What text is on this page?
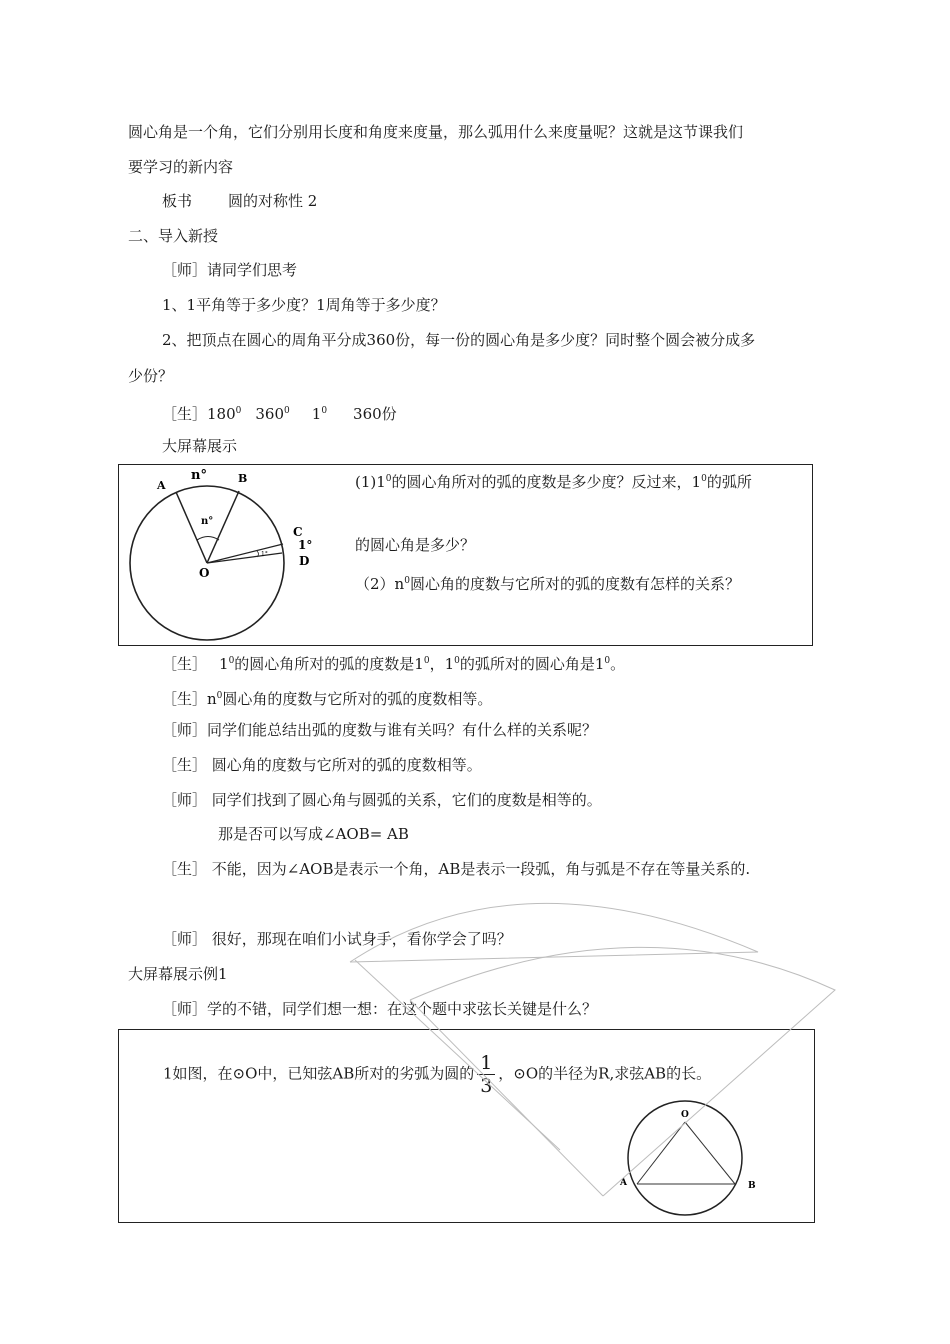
圆心角是一个角，它们分别用长度和角度来度量，那么弧用什么来度量呢？这就是这节课我们
要学习的新内容
板书 圆的对称性 2
二、导入新授
［师］请同学们思考
1、1平角等于多少度？1周角等于多少度？
2、把顶点在圆心的周角平分成360份，每一份的圆心角是多少度？同时整个圆会被分成多
少份？
［生$]180^0$ $360^0$ $1^0$ 360份
大屏幕展示
n°
A
B
n°
C
1°
1°	D
O
$(1)1^0$的圆心角所对的弧的度数是多少度？反过来，$1^0$的弧所
的圆心角是多少？
$(2)n^0$圆心角的度数与它所对的弧的度数有怎样的关系？
［生］ $1^0$的圆心角所对的弧的度数是$1^0$，$1^0$的弧所对的圆心角是$1^0$。
［生$]n^0$圆心角的度数与它所对的弧的度数相等。
［师］同学们能总结出弧的度数与谁有关吗？有什么样的关系呢？
［生］ 圆心角的度数与它所对的弧的度数相等。
［师］ 同学们找到了圆心角与圆弧的关系，它们的度数是相等的。
那是否可以写成∠AOB= AB
［生］ 不能，因为∠AOB是表示一个角，AB是表示一段弧，角与弧是不存在等量关系的.
［师］ 很好，那现在咱们小试身手，看你学会了吗？
大屏幕展示例1
［师］学的不错，同学们想一想：在这个题中求弦长关键是什么？
1如图，在⊙O中，已知弦AB所对的劣弧为圆的 $\frac{1}{3}$ ，⊙O的半径为R,求弦AB的长。
O
A	B
